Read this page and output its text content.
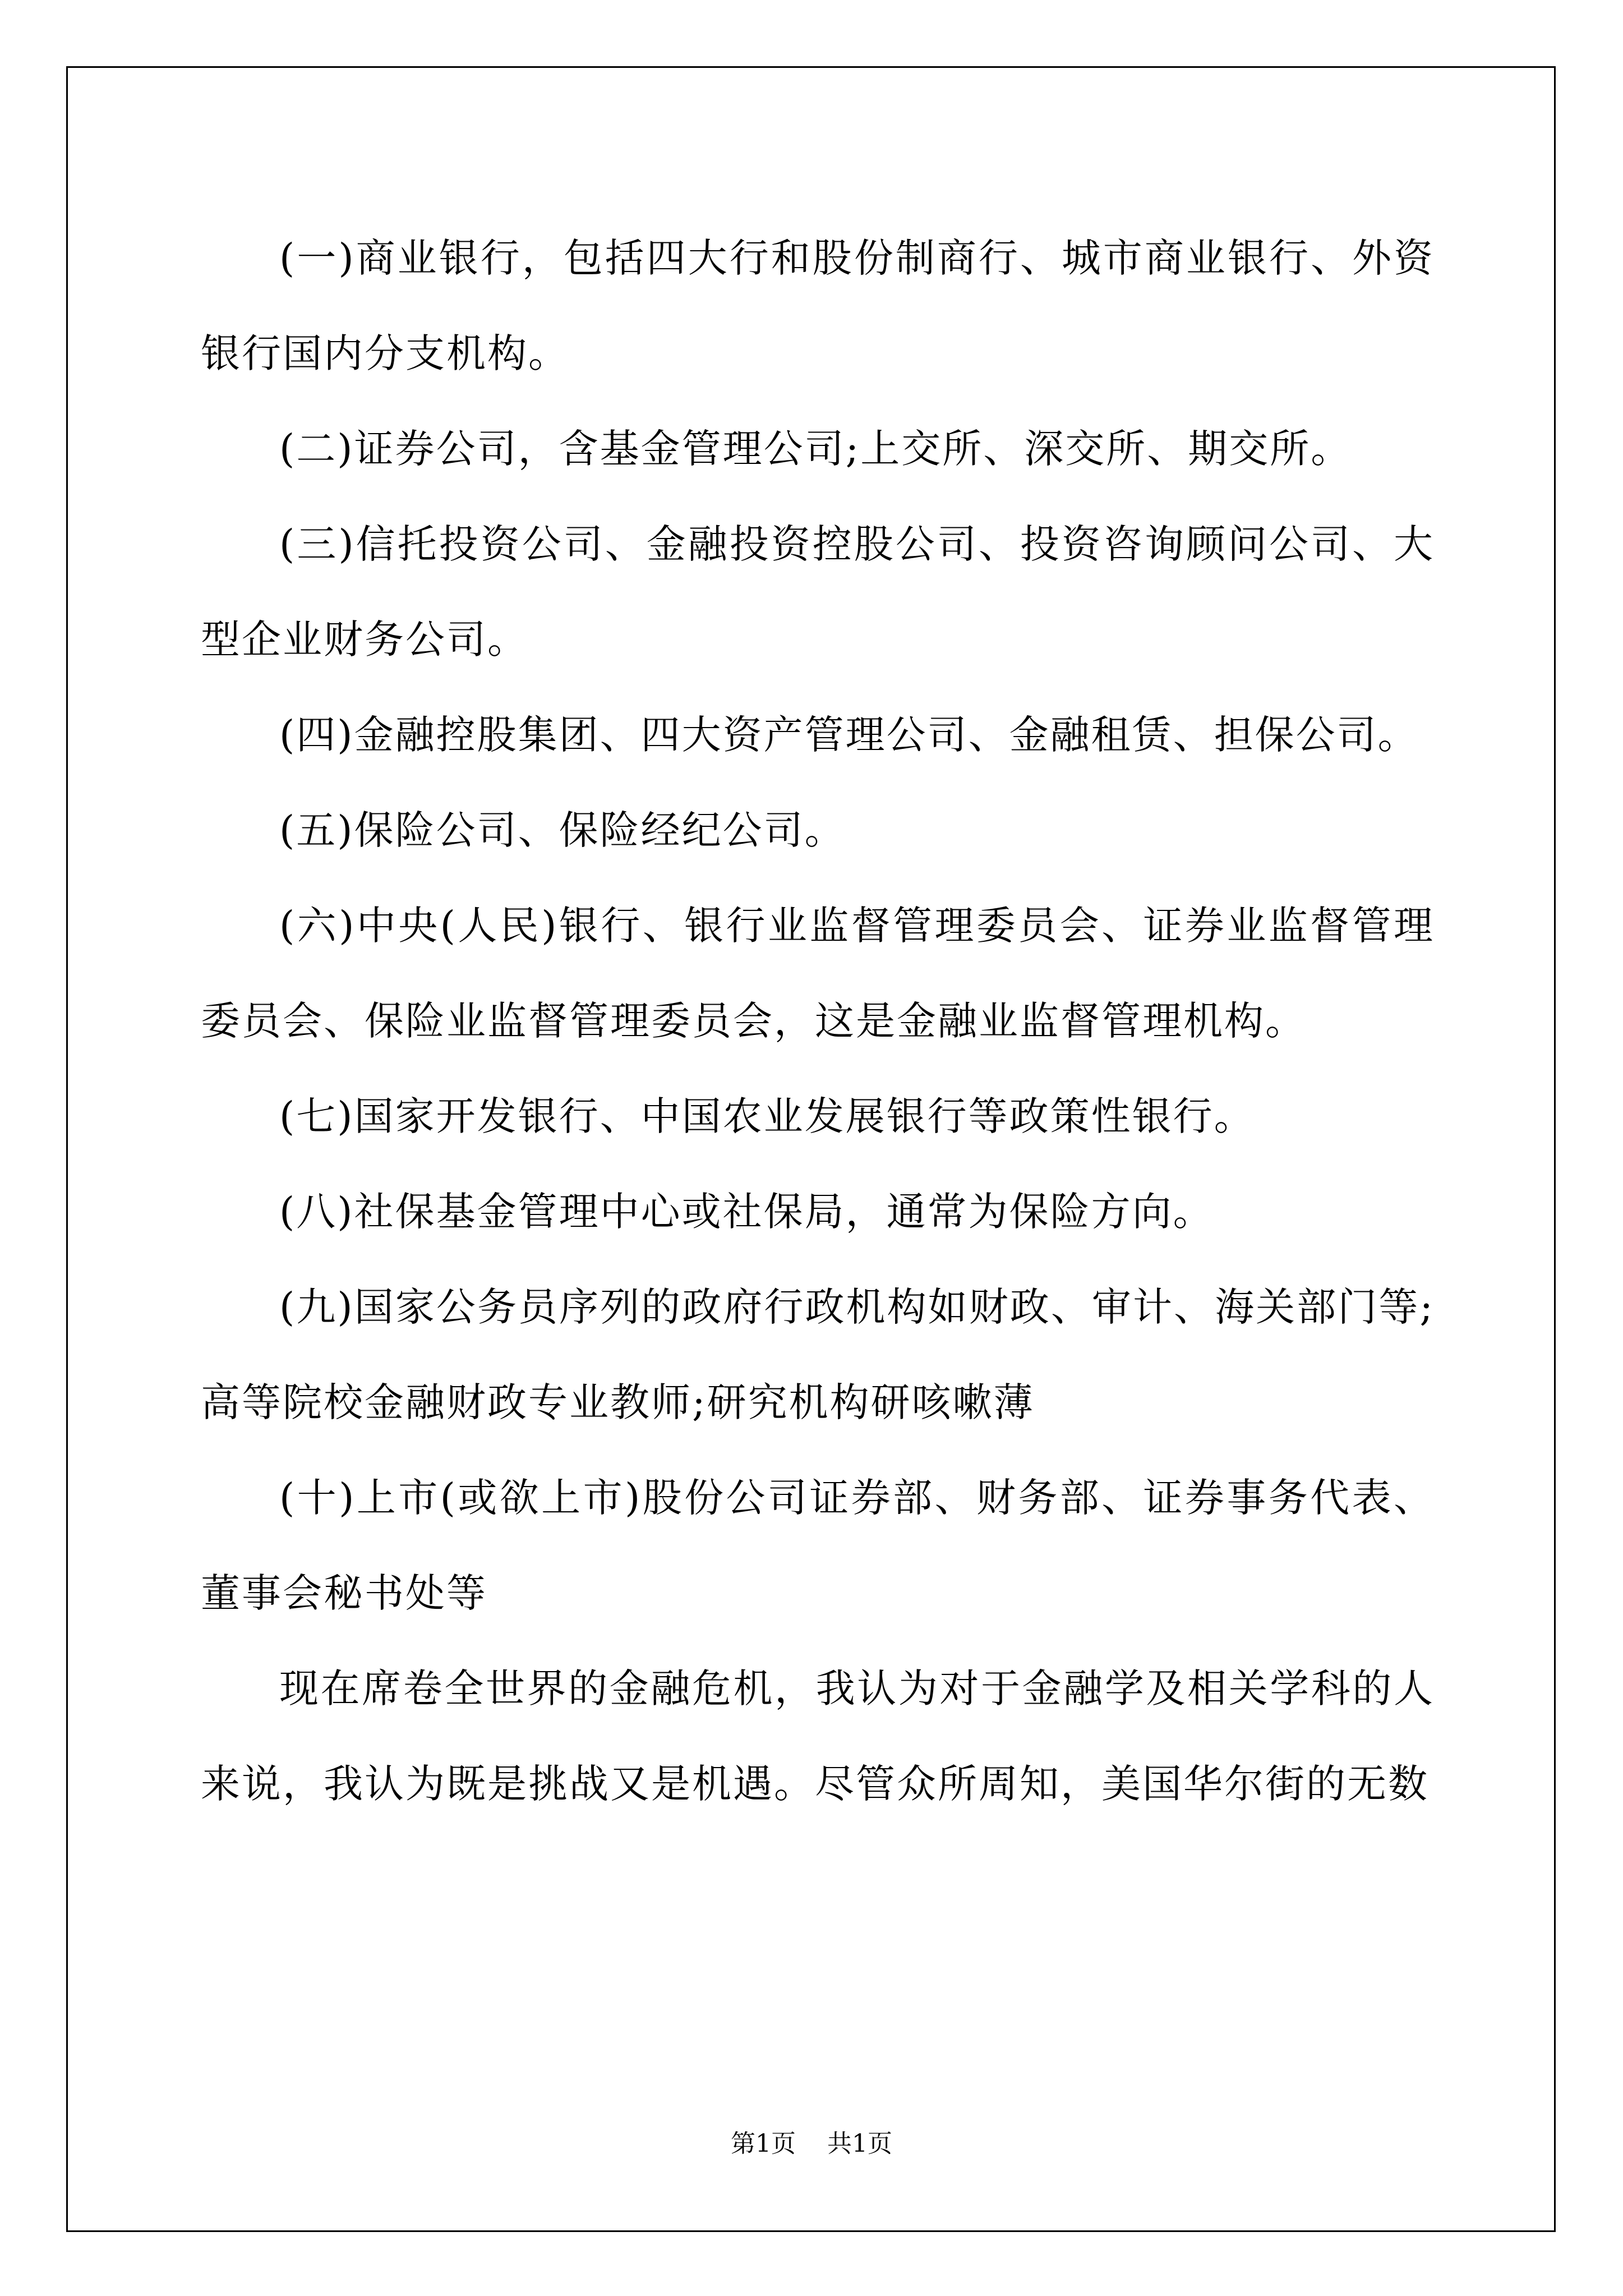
(一)商业银行，包括四大行和股份制商行、城市商业银行、外资银行国内分支机构。

(二)证券公司，含基金管理公司;上交所、深交所、期交所。

(三)信托投资公司、金融投资控股公司、投资咨询顾问公司、大型企业财务公司。

(四)金融控股集团、四大资产管理公司、金融租赁、担保公司。

(五)保险公司、保险经纪公司。

(六)中央(人民)银行、银行业监督管理委员会、证券业监督管理委员会、保险业监督管理委员会，这是金融业监督管理机构。

(七)国家开发银行、中国农业发展银行等政策性银行。

(八)社保基金管理中心或社保局，通常为保险方向。

(九)国家公务员序列的政府行政机构如财政、审计、海关部门等;高等院校金融财政专业教师;研究机构研咳嗽薄

(十)上市(或欲上市)股份公司证券部、财务部、证券事务代表、董事会秘书处等

现在席卷全世界的金融危机，我认为对于金融学及相关学科的人来说，我认为既是挑战又是机遇。尽管众所周知，美国华尔街的无数

第1页 共1页
